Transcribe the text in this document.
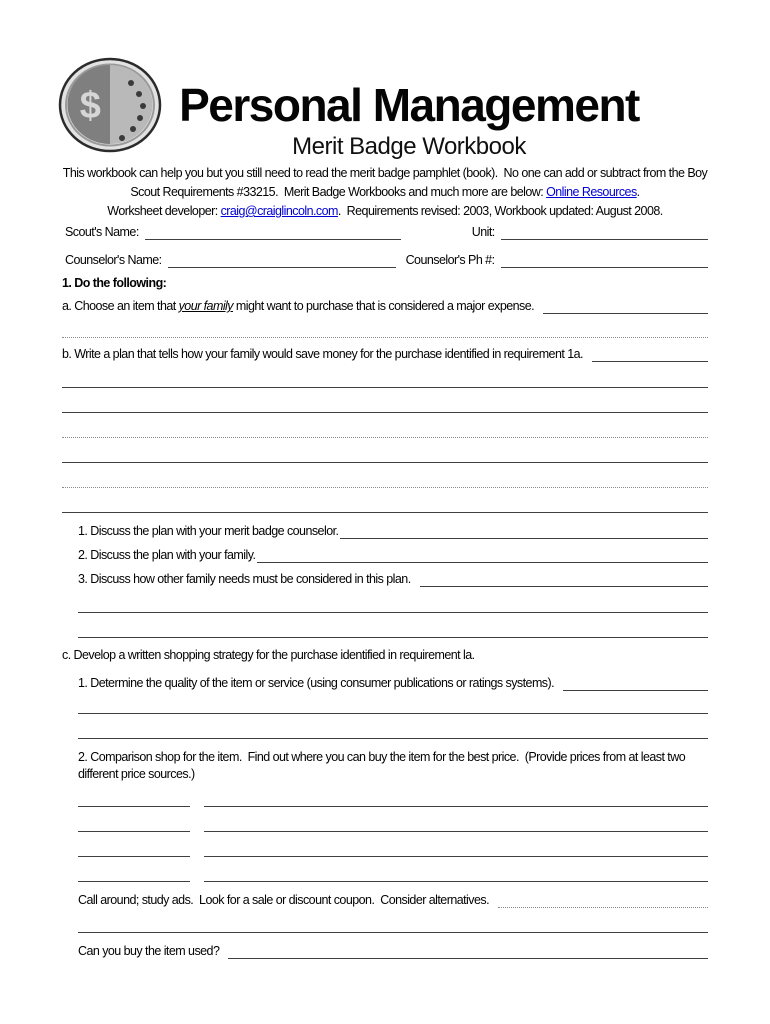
$	Personal Management
Merit Badge Workbook
This workbook can help you but you still need to read the merit badge pamphlet (book).  No one can add or subtract from the Boy
Scout Requirements #33215.  Merit Badge Workbooks and much more are below: Online Resources.
Worksheet developer: craig@craiglincoln.com.  Requirements revised: 2003, Workbook updated: August 2008.
Scout's Name:	Unit:
Counselor's Name:	Counselor's Ph #:
1. Do the following:
a. Choose an item that your family might want to purchase that is considered a major expense.
b. Write a plan that tells how your family would save money for the purchase identified in requirement 1a.
1. Discuss the plan with your merit badge counselor.
2. Discuss the plan with your family.
3. Discuss how other family needs must be considered in this plan.
c. Develop a written shopping strategy for the purchase identified in requirement la.
1. Determine the quality of the item or service (using consumer publications or ratings systems).
2. Comparison shop for the item.  Find out where you can buy the item for the best price.  (Provide prices from at least two different price sources.)
Call around; study ads.  Look for a sale or discount coupon.  Consider alternatives.
Can you buy the item used?
